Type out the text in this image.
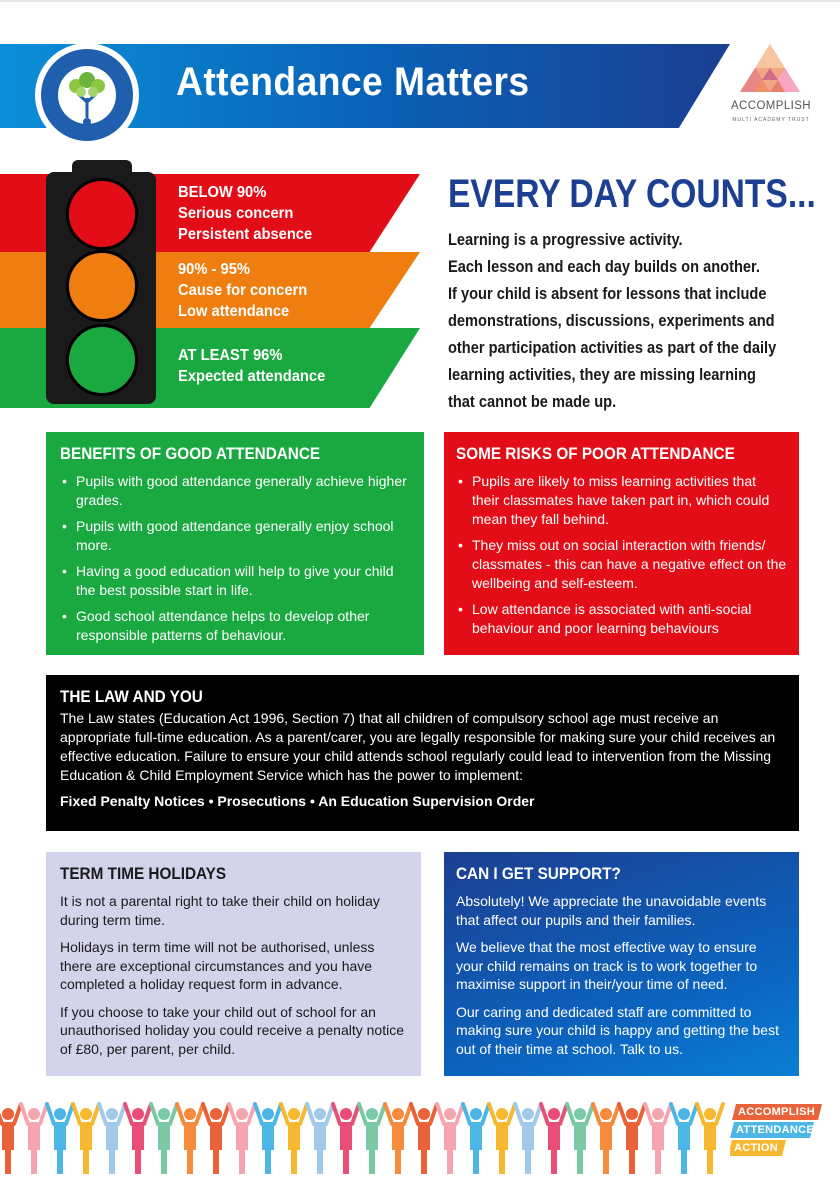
Attendance Matters
ACCOMPLISH
MULTI ACADEMY TRUST
BELOW 90%
Serious concern
Persistent absence
90% - 95%
Cause for concern
Low attendance
AT LEAST 96%
Expected attendance
EVERY DAY COUNTS...
Learning is a progressive activity.
Each lesson and each day builds on another.
If your child is absent for lessons that include
demonstrations, discussions, experiments and
other participation activities as part of the daily
learning activities, they are missing learning
that cannot be made up.
BENEFITS OF GOOD ATTENDANCE
• Pupils with good attendance generally achieve higher grades.
• Pupils with good attendance generally enjoy school more.
• Having a good education will help to give your child the best possible start in life.
• Good school attendance helps to develop other responsible patterns of behaviour.
SOME RISKS OF POOR ATTENDANCE
• Pupils are likely to miss learning activities that their classmates have taken part in, which could mean they fall behind.
• They miss out on social interaction with friends/ classmates - this can have a negative effect on the wellbeing and self-esteem.
• Low attendance is associated with anti-social behaviour and poor learning behaviours
THE LAW AND YOU

The Law states (Education Act 1996, Section 7) that all children of compulsory school age must receive an appropriate full-time education. As a parent/carer, you are legally responsible for making sure your child receives an effective education. Failure to ensure your child attends school regularly could lead to intervention from the Missing Education & Child Employment Service which has the power to implement:

Fixed Penalty Notices • Prosecutions • An Education Supervision Order
TERM TIME HOLIDAYS

It is not a parental right to take their child on holiday during term time.

Holidays in term time will not be authorised, unless there are exceptional circumstances and you have completed a holiday request form in advance.

If you choose to take your child out of school for an unauthorised holiday you could receive a penalty notice of £80, per parent, per child.

CAN I GET SUPPORT?

Absolutely! We appreciate the unavoidable events that affect our pupils and their families.

We believe that the most effective way to ensure your child remains on track is to work together to maximise support in their/your time of need.

Our caring and dedicated staff are committed to making sure your child is happy and getting the best out of their time at school. Talk to us.

ACCOMPLISH
ATTENDANCE
ACTION
